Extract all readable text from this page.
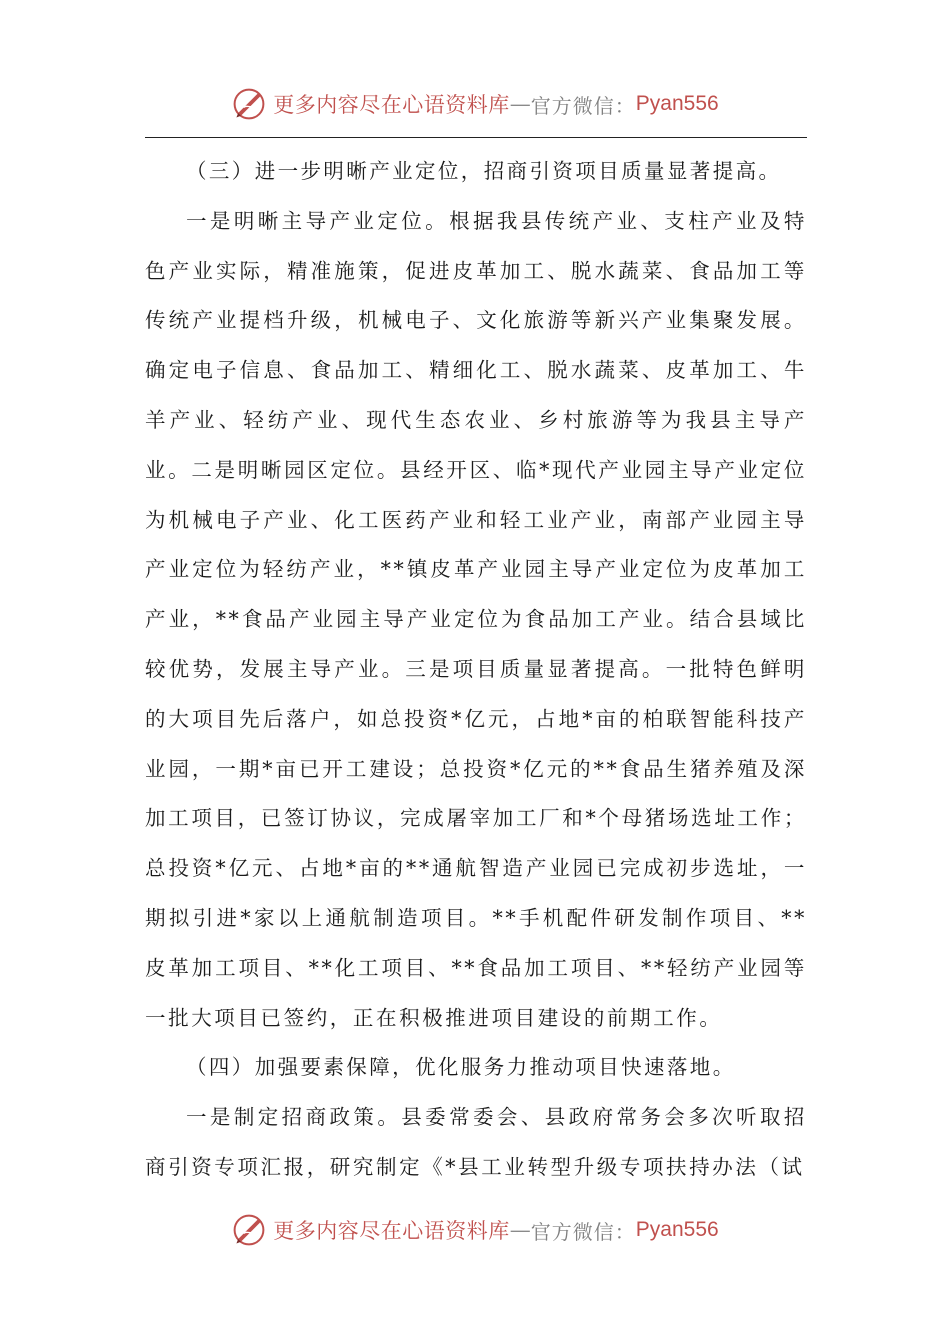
更多内容尽在心语资料库 — 官方微信： Pyan556

（三）进一步明晰产业定位，招商引资项目质量显著提高。

一是明晰主导产业定位。根据我县传统产业、支柱产业及特色产业实际，精准施策，促进皮革加工、脱水蔬菜、食品加工等传统产业提档升级，机械电子、文化旅游等新兴产业集聚发展。确定电子信息、食品加工、精细化工、脱水蔬菜、皮革加工、牛羊产业、轻纺产业、现代生态农业、乡村旅游等为我县主导产业。二是明晰园区定位。县经开区、临*现代产业园主导产业定位为机械电子产业、化工医药产业和轻工业产业，南部产业园主导产业定位为轻纺产业，**镇皮革产业园主导产业定位为皮革加工产业，**食品产业园主导产业定位为食品加工产业。结合县域比较优势，发展主导产业。三是项目质量显著提高。一批特色鲜明的大项目先后落户，如总投资*亿元，占地*亩的柏联智能科技产业园，一期*亩已开工建设；总投资*亿元的**食品生猪养殖及深加工项目，已签订协议，完成屠宰加工厂和*个母猪场选址工作；总投资*亿元、占地*亩的**通航智造产业园已完成初步选址，一期拟引进*家以上通航制造项目。**手机配件研发制作项目、**皮革加工项目、**化工项目、**食品加工项目、**轻纺产业园等一批大项目已签约，正在积极推进项目建设的前期工作。

（四）加强要素保障，优化服务力推动项目快速落地。

一是制定招商政策。县委常委会、县政府常务会多次听取招商引资专项汇报，研究制定《*县工业转型升级专项扶持办法（试

更多内容尽在心语资料库 — 官方微信： Pyan556
